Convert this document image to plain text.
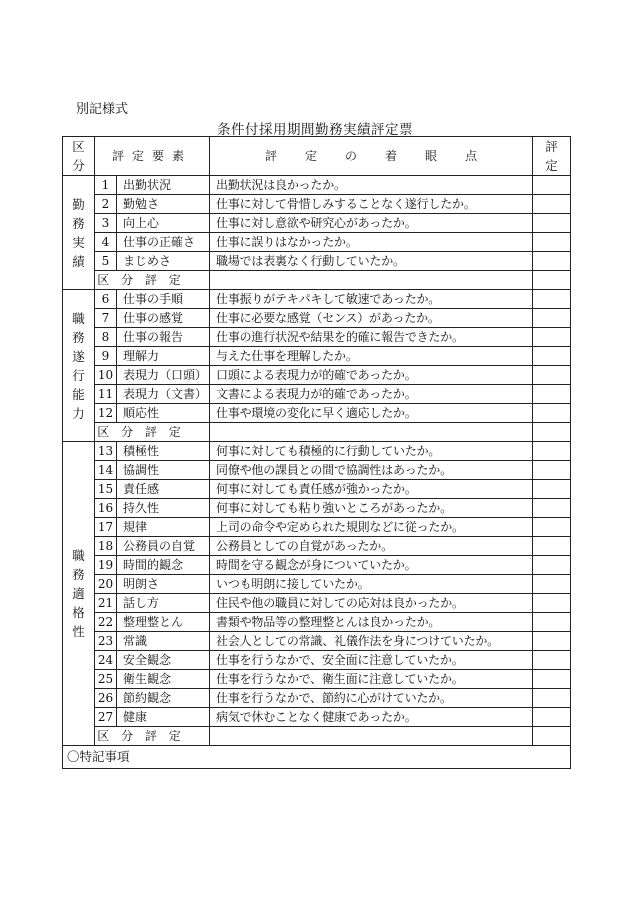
別記様式
条件付採用期間勤務実績評定票
区分	評定要素		評定の着眼点	評定
勤務実績	1	出勤状況	出勤状況は良かったか。	
	2	勤勉さ	仕事に対して骨惜しみすることなく遂行したか。	
	3	向上心	仕事に対し意欲や研究心があったか。	
	4	仕事の正確さ	仕事に誤りはなかったか。	
	5	まじめさ	職場では表裏なく行動していたか。	
	区 分 評 定			
職務遂行能力	6	仕事の手順	仕事振りがテキパキして敏速であったか。	
	7	仕事の感覚	仕事に必要な感覚（センス）があったか。	
	8	仕事の報告	仕事の進行状況や結果を的確に報告できたか。	
	9	理解力	与えた仕事を理解したか。	
	10	表現力（口頭）	口頭による表現力が的確であったか。	
	11	表現力（文書）	文書による表現力が的確であったか。	
	12	順応性	仕事や環境の変化に早く適応したか。	
	区 分 評 定			
職務適格性	13	積極性	何事に対しても積極的に行動していたか。	
	14	協調性	同僚や他の課員との間で協調性はあったか。	
	15	責任感	何事に対しても責任感が強かったか。	
	16	持久性	何事に対しても粘り強いところがあったか。	
	17	規律	上司の命令や定められた規則などに従ったか。	
	18	公務員の自覚	公務員としての自覚があったか。	
	19	時間的観念	時間を守る観念が身についていたか。	
	20	明朗さ	いつも明朗に接していたか。	
	21	話し方	住民や他の職員に対しての応対は良かったか。	
	22	整理整とん	書類や物品等の整理整とんは良かったか。	
	23	常識	社会人としての常識、礼儀作法を身につけていたか。	
	24	安全観念	仕事を行うなかで、安全面に注意していたか。	
	25	衛生観念	仕事を行うなかで、衛生面に注意していたか。	
	26	節約観念	仕事を行うなかで、節約に心がけていたか。	
	27	健康	病気で休むことなく健康であったか。	
	区 分 評 定			
〇特記事項				
